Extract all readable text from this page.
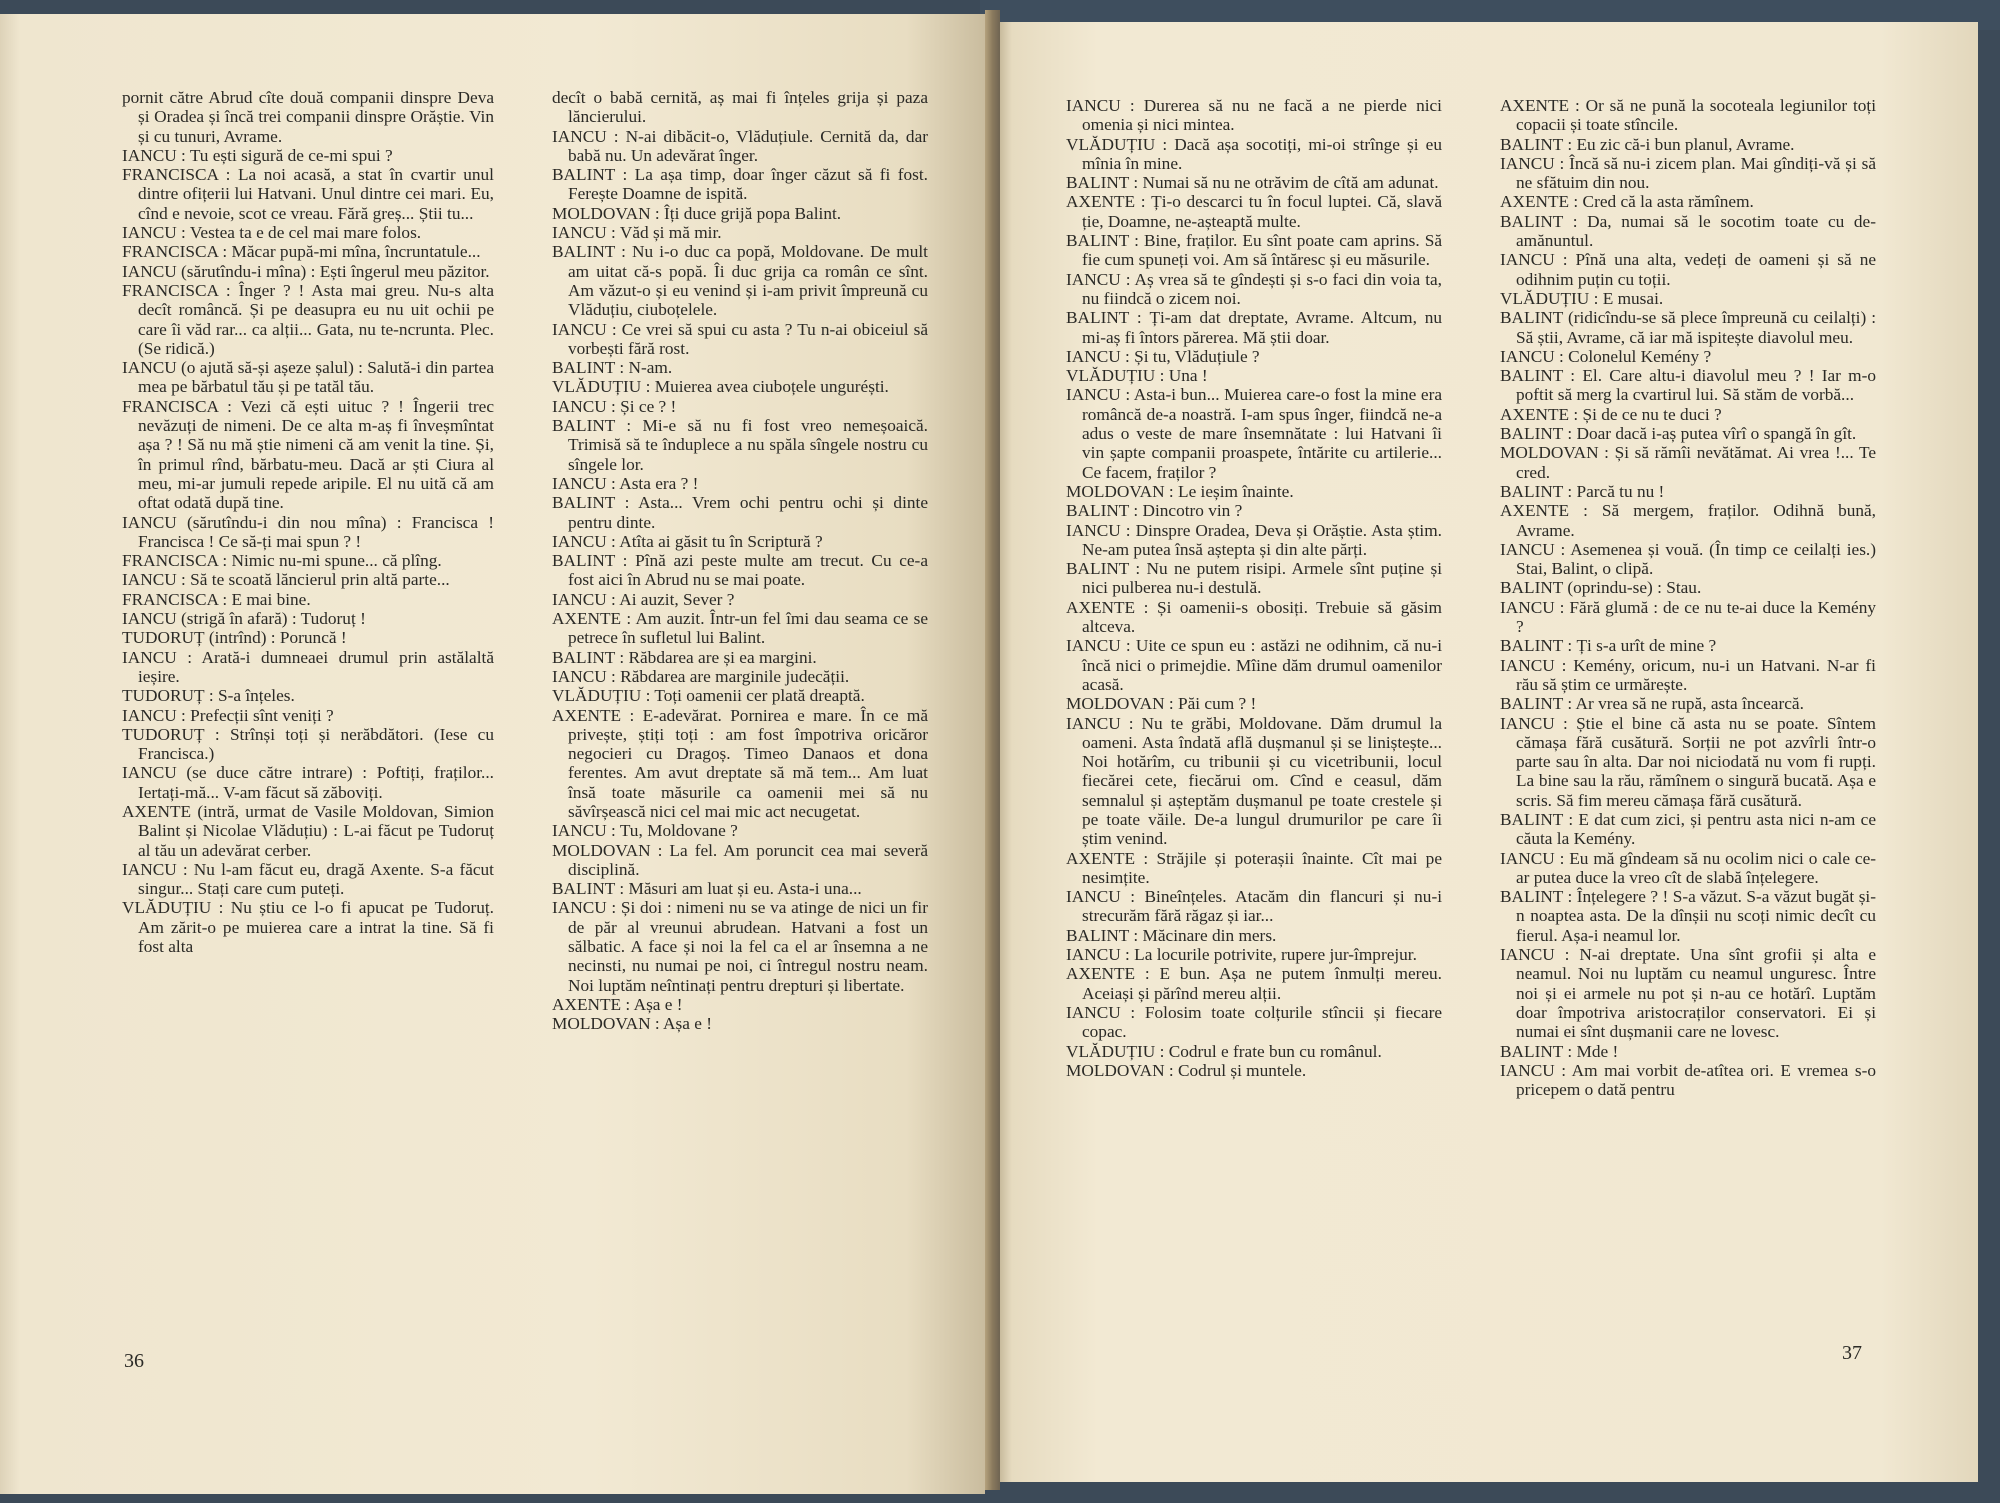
pornit către Abrud cîte două companii dinspre Deva și Oradea și încă trei companii dinspre Orăștie. Vin și cu tunuri, Avrame.

IANCU : Tu ești sigură de ce-mi spui ?

FRANCISCA : La noi acasă, a stat în cvartir unul dintre ofițerii lui Hatvani. Unul dintre cei mari. Eu, cînd e nevoie, scot ce vreau. Fără greș... Știi tu...

IANCU : Vestea ta e de cel mai mare folos.

FRANCISCA : Măcar pupă-mi mîna, încruntatule...

IANCU (sărutîndu-i mîna) : Ești îngerul meu păzitor.

FRANCISCA : Înger ? ! Asta mai greu. Nu-s alta decît româncă. Și pe deasupra eu nu uit ochii pe care îi văd rar... ca alții... Gata, nu te-ncrunta. Plec. (Se ridică.)

IANCU (o ajută să-și așeze șalul) : Salută-i din partea mea pe bărbatul tău și pe tatăl tău.

FRANCISCA : Vezi că ești uituc ? ! Îngerii trec nevăzuți de nimeni. De ce alta m-aș fi înveșmîntat așa ? ! Să nu mă știe nimeni că am venit la tine. Și, în primul rînd, bărbatu-meu. Dacă ar ști Ciura al meu, mi-ar jumuli repede aripile. El nu uită că am oftat odată după tine.

IANCU (sărutîndu-i din nou mîna) : Francisca ! Francisca ! Ce să-ți mai spun ? !

FRANCISCA : Nimic nu-mi spune... că plîng.

IANCU : Să te scoată lăncierul prin altă parte...

FRANCISCA : E mai bine.

IANCU (strigă în afară) : Tudoruț !

TUDORUȚ (intrînd) : Poruncă !

IANCU : Arată-i dumneaei drumul prin astălaltă ieșire.

TUDORUȚ : S-a înțeles.

IANCU : Prefecții sînt veniți ?

TUDORUȚ : Strînși toți și nerăbdători. (Iese cu Francisca.)

IANCU (se duce către intrare) : Poftiți, fraților... Iertați-mă... V-am făcut să zăboviți.

AXENTE (intră, urmat de Vasile Moldovan, Simion Balint și Nicolae Vlăduțiu) : L-ai făcut pe Tudoruț al tău un adevărat cerber.

IANCU : Nu l-am făcut eu, dragă Axente. S-a făcut singur... Stați care cum puteți.

VLĂDUȚIU : Nu știu ce l-o fi apucat pe Tudoruț. Am zărit-o pe muierea care a intrat la tine. Să fi fost alta

decît o babă cernită, aș mai fi înțeles grija și paza lăncierului.

IANCU : N-ai dibăcit-o, Vlăduțiule. Cernită da, dar babă nu. Un adevărat înger.

BALINT : La așa timp, doar înger căzut să fi fost. Ferește Doamne de ispită.

MOLDOVAN : Îți duce grijă popa Balint.

IANCU : Văd și mă mir.

BALINT : Nu i-o duc ca popă, Moldovane. De mult am uitat că-s popă. Îi duc grija ca român ce sînt. Am văzut-o și eu venind și i-am privit împreună cu Vlăduțiu, ciuboțelele.

IANCU : Ce vrei să spui cu asta ? Tu n-ai obiceiul să vorbești fără rost.

BALINT : N-am.

VLĂDUȚIU : Muierea avea ciuboțele unguréști.

IANCU : Și ce ? !

BALINT : Mi-e să nu fi fost vreo nemeșoaică. Trimisă să te înduplece a nu spăla sîngele nostru cu sîngele lor.

IANCU : Asta era ? !

BALINT : Asta... Vrem ochi pentru ochi și dinte pentru dinte.

IANCU : Atîta ai găsit tu în Scriptură ?

BALINT : Pînă azi peste multe am trecut. Cu ce-a fost aici în Abrud nu se mai poate.

IANCU : Ai auzit, Sever ?

AXENTE : Am auzit. Într-un fel îmi dau seama ce se petrece în sufletul lui Balint.

BALINT : Răbdarea are și ea margini.

IANCU : Răbdarea are marginile judecății.

VLĂDUȚIU : Toți oamenii cer plată dreaptă.

AXENTE : E-adevărat. Pornirea e mare. În ce mă privește, știți toți : am fost împotriva oricăror negocieri cu Dragoș. Timeo Danaos et dona ferentes. Am avut dreptate să mă tem... Am luat însă toate măsurile ca oamenii mei să nu săvîrșească nici cel mai mic act necugetat.

IANCU : Tu, Moldovane ?

MOLDOVAN : La fel. Am poruncit cea mai severă disciplină.

BALINT : Măsuri am luat și eu. Asta-i una...

IANCU : Și doi : nimeni nu se va atinge de nici un fir de păr al vreunui abrudean. Hatvani a fost un sălbatic. A face și noi la fel ca el ar însemna a ne necinsti, nu numai pe noi, ci întregul nostru neam. Noi luptăm neîntinați pentru drepturi și libertate.

AXENTE : Așa e !

MOLDOVAN : Așa e !

IANCU : Durerea să nu ne facă a ne pierde nici omenia și nici mintea.

VLĂDUȚIU : Dacă așa socotiți, mi-oi strînge și eu mînia în mine.

BALINT : Numai să nu ne otrăvim de cîtă am adunat.

AXENTE : Ți-o descarci tu în focul luptei. Că, slavă ție, Doamne, ne-așteaptă multe.

BALINT : Bine, fraților. Eu sînt poate cam aprins. Să fie cum spuneți voi. Am să întăresc și eu măsurile.

IANCU : Aș vrea să te gîndești și s-o faci din voia ta, nu fiindcă o zicem noi.

BALINT : Ți-am dat dreptate, Avrame. Altcum, nu mi-aș fi întors părerea. Mă știi doar.

IANCU : Și tu, Vlăduțiule ?

VLĂDUȚIU : Una !

IANCU : Asta-i bun... Muierea care-o fost la mine era româncă de-a noastră. I-am spus înger, fiindcă ne-a adus o veste de mare însemnătate : lui Hatvani îi vin șapte companii proaspete, întărite cu artilerie... Ce facem, fraților ?

MOLDOVAN : Le ieșim înainte.

BALINT : Dincotro vin ?

IANCU : Dinspre Oradea, Deva și Orăștie. Asta știm. Ne-am putea însă aștepta și din alte părți.

BALINT : Nu ne putem risipi. Armele sînt puține și nici pulberea nu-i destulă.

AXENTE : Și oamenii-s obosiți. Trebuie să găsim altceva.

IANCU : Uite ce spun eu : astăzi ne odihnim, că nu-i încă nici o primejdie. Mîine dăm drumul oamenilor acasă.

MOLDOVAN : Păi cum ? !

IANCU : Nu te grăbi, Moldovane. Dăm drumul la oameni. Asta îndată află dușmanul și se liniștește... Noi hotărîm, cu tribunii și cu vicetribunii, locul fiecărei cete, fiecărui om. Cînd e ceasul, dăm semnalul și așteptăm dușmanul pe toate crestele și pe toate văile. De-a lungul drumurilor pe care îi știm venind.

AXENTE : Străjile și poterașii înainte. Cît mai pe nesimțite.

IANCU : Bineînțeles. Atacăm din flancuri și nu-i strecurăm fără răgaz și iar...

BALINT : Măcinare din mers.

IANCU : La locurile potrivite, rupere jur-împrejur.

AXENTE : E bun. Așa ne putem înmulți mereu. Aceiași și părînd mereu alții.

IANCU : Folosim toate colțurile stîncii și fiecare copac.

VLĂDUȚIU : Codrul e frate bun cu românul.

MOLDOVAN : Codrul și muntele.

AXENTE : Or să ne pună la socoteala legiunilor toți copacii și toate stîncile.

BALINT : Eu zic că-i bun planul, Avrame.

IANCU : Încă să nu-i zicem plan. Mai gîndiți-vă și să ne sfătuim din nou.

AXENTE : Cred că la asta rămînem.

BALINT : Da, numai să le socotim toate cu de-amănuntul.

IANCU : Pînă una alta, vedeți de oameni și să ne odihnim puțin cu toții.

VLĂDUȚIU : E musai.

BALINT (ridicîndu-se să plece împreună cu ceilalți) : Să știi, Avrame, că iar mă ispitește diavolul meu.

IANCU : Colonelul Kemény ?

BALINT : El. Care altu-i diavolul meu ? ! Iar m-o poftit să merg la cvartirul lui. Să stăm de vorbă...

AXENTE : Și de ce nu te duci ?

BALINT : Doar dacă i-aș putea vîrî o spangă în gît.

MOLDOVAN : Și să rămîi nevătămat. Ai vrea !... Te cred.

BALINT : Parcă tu nu !

AXENTE : Să mergem, fraților. Odihnă bună, Avrame.

IANCU : Asemenea și vouă. (În timp ce ceilalți ies.) Stai, Balint, o clipă.

BALINT (oprindu-se) : Stau.

IANCU : Fără glumă : de ce nu te-ai duce la Kemény ?

BALINT : Ți s-a urît de mine ?

IANCU : Kemény, oricum, nu-i un Hatvani. N-ar fi rău să știm ce urmărește.

BALINT : Ar vrea să ne rupă, asta încearcă.

IANCU : Știe el bine că asta nu se poate. Sîntem cămașa fără cusătură. Sorții ne pot azvîrli într-o parte sau în alta. Dar noi niciodată nu vom fi rupți. La bine sau la rău, rămînem o singură bucată. Așa e scris. Să fim mereu cămașa fără cusătură.

BALINT : E dat cum zici, și pentru asta nici n-am ce căuta la Kemény.

IANCU : Eu mă gîndeam să nu ocolim nici o cale ce-ar putea duce la vreo cît de slabă înțelegere.

BALINT : Înțelegere ? ! S-a văzut. S-a văzut bugăt și-n noaptea asta. De la dînșii nu scoți nimic decît cu fierul. Așa-i neamul lor.

IANCU : N-ai dreptate. Una sînt grofii și alta e neamul. Noi nu luptăm cu neamul unguresc. Între noi și ei armele nu pot și n-au ce hotărî. Luptăm doar împotriva aristocraților conservatori. Ei și numai ei sînt dușmanii care ne lovesc.

BALINT : Mde !

IANCU : Am mai vorbit de-atîtea ori. E vremea s-o pricepem o dată pentru

36	37
